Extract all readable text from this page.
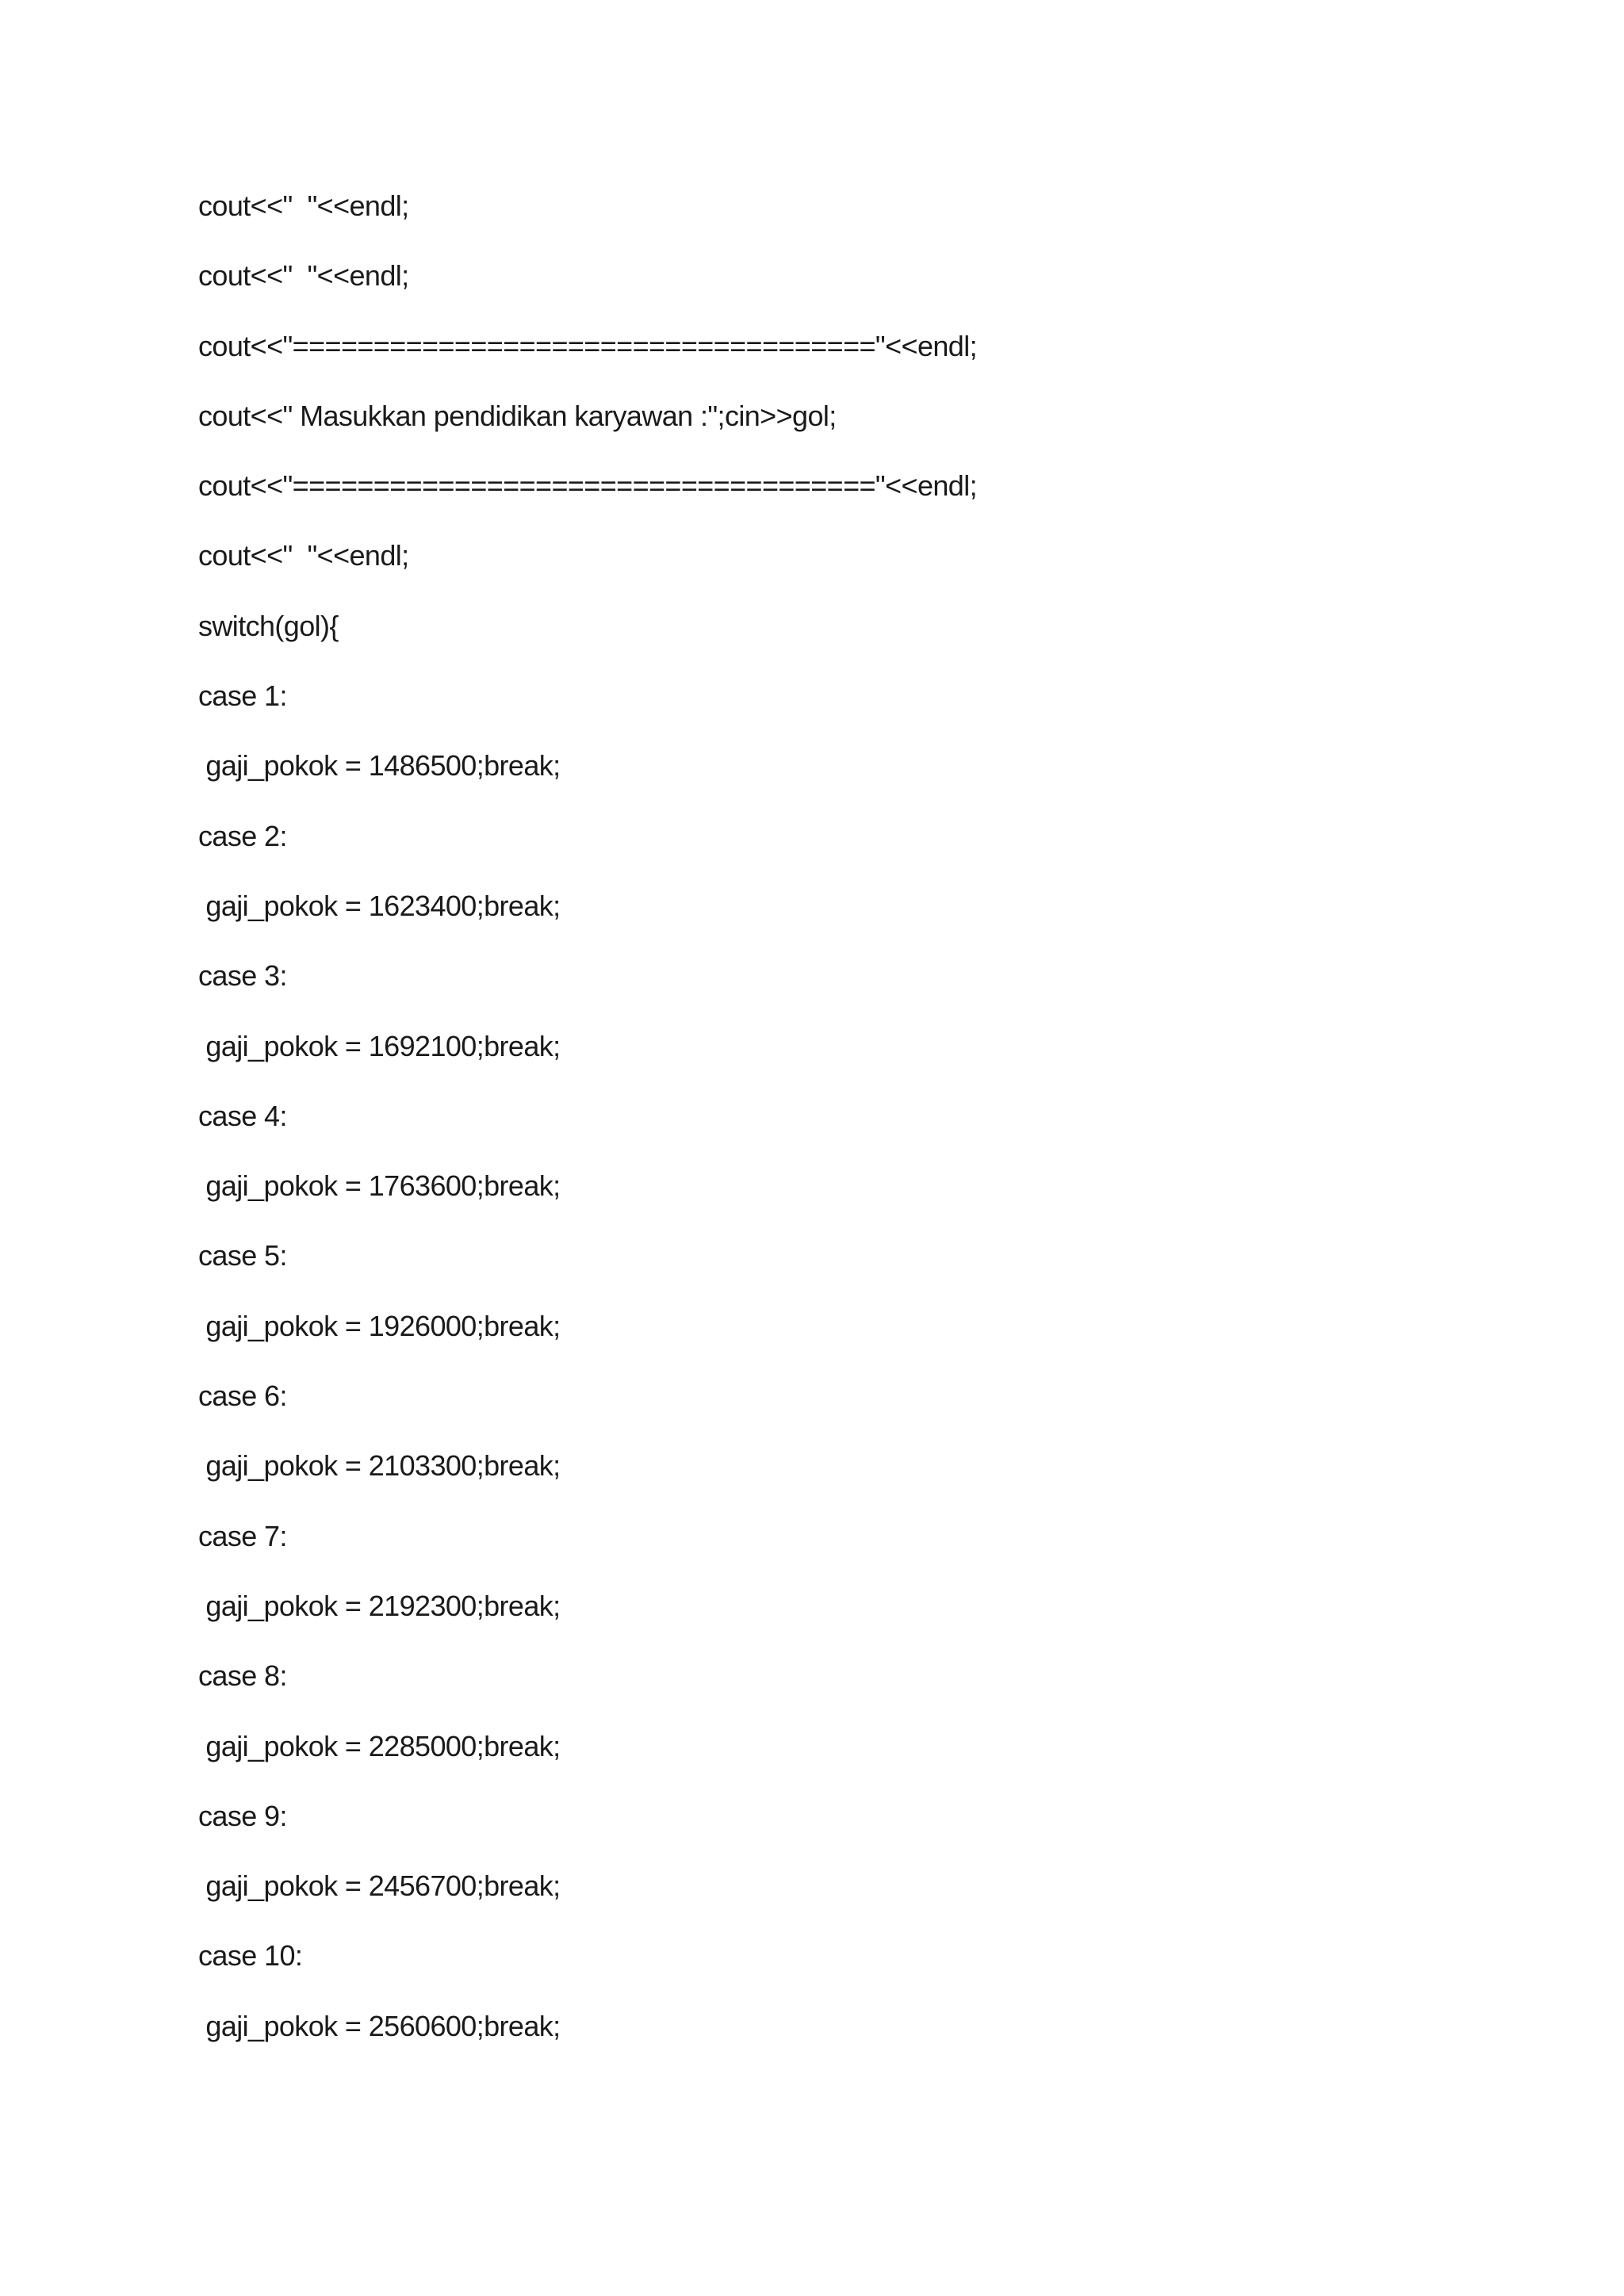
cout<<"  "<<endl;
cout<<"  "<<endl;
cout<<"===================================="<<endl;
cout<<" Masukkan pendidikan karyawan :";cin>>gol;
cout<<"===================================="<<endl;
cout<<"  "<<endl;
switch(gol){
case 1:
gaji_pokok = 1486500;break;
case 2:
gaji_pokok = 1623400;break;
case 3:
gaji_pokok = 1692100;break;
case 4:
gaji_pokok = 1763600;break;
case 5:
gaji_pokok = 1926000;break;
case 6:
gaji_pokok = 2103300;break;
case 7:
gaji_pokok = 2192300;break;
case 8:
gaji_pokok = 2285000;break;
case 9:
gaji_pokok = 2456700;break;
case 10:
gaji_pokok = 2560600;break;
